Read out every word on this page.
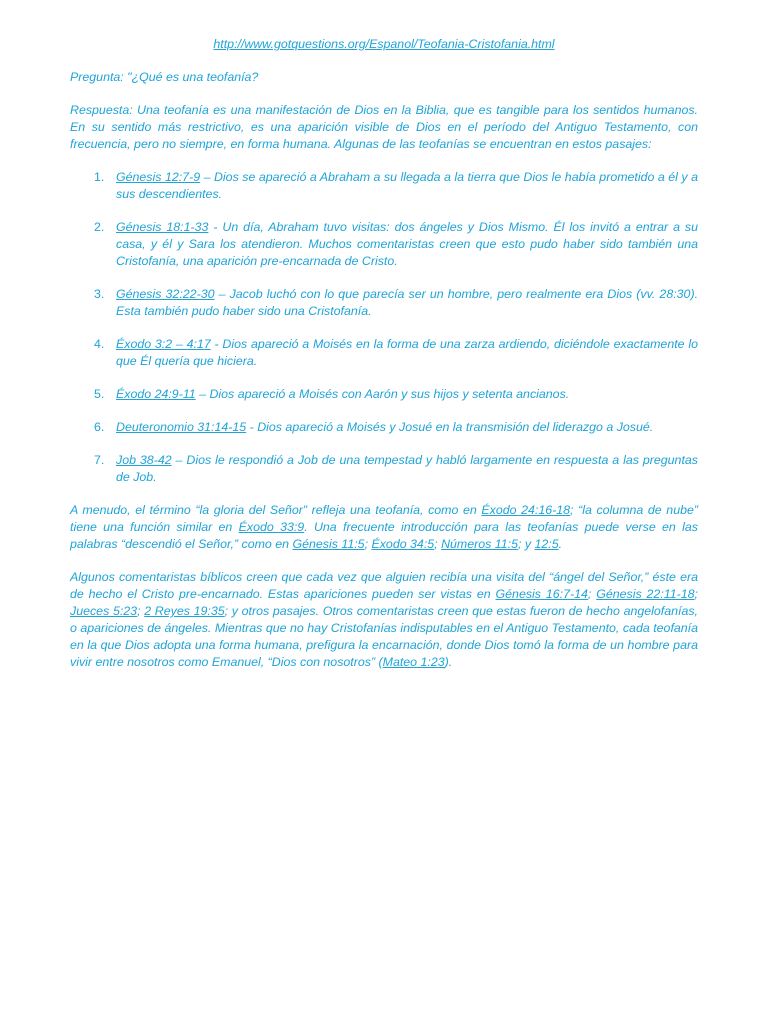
http://www.gotquestions.org/Espanol/Teofania-Cristofania.html
Pregunta: "¿Qué es una teofanía?
Respuesta: Una teofanía es una manifestación de Dios en la Biblia, que es tangible para los sentidos humanos. En su sentido más restrictivo, es una aparición visible de Dios en el período del Antiguo Testamento, con frecuencia, pero no siempre, en forma humana. Algunas de las teofanías se encuentran en estos pasajes:
1. Génesis 12:7-9 – Dios se apareció a Abraham a su llegada a la tierra que Dios le había prometido a él y a sus descendientes.
2. Génesis 18:1-33 - Un día, Abraham tuvo visitas: dos ángeles y Dios Mismo. Él los invitó a entrar a su casa, y él y Sara los atendieron. Muchos comentaristas creen que esto pudo haber sido también una Cristofanía, una aparición pre-encarnada de Cristo.
3. Génesis 32:22-30 – Jacob luchó con lo que parecía ser un hombre, pero realmente era Dios (vv. 28:30). Esta también pudo haber sido una Cristofanía.
4. Éxodo 3:2 – 4:17 - Dios apareció a Moisés en la forma de una zarza ardiendo, diciéndole exactamente lo que Él quería que hiciera.
5. Éxodo 24:9-11 – Dios apareció a Moisés con Aarón y sus hijos y setenta ancianos.
6. Deuteronomio 31:14-15 - Dios apareció a Moisés y Josué en la transmisión del liderazgo a Josué.
7. Job 38-42 – Dios le respondió a Job de una tempestad y habló largamente en respuesta a las preguntas de Job.
A menudo, el término “la gloria del Señor” refleja una teofanía, como en Éxodo 24:16-18; “la columna de nube” tiene una función similar en Éxodo 33:9. Una frecuente introducción para las teofanías puede verse en las palabras “descendió el Señor,” como en Génesis 11:5; Éxodo 34:5; Números 11:5; y 12:5.
Algunos comentaristas bíblicos creen que cada vez que alguien recibía una visita del “ángel del Señor,” éste era de hecho el Cristo pre-encarnado. Estas apariciones pueden ser vistas en Génesis 16:7-14; Génesis 22:11-18; Jueces 5:23; 2 Reyes 19:35; y otros pasajes. Otros comentaristas creen que estas fueron de hecho angelofanías, o apariciones de ángeles. Mientras que no hay Cristofanías indisputables en el Antiguo Testamento, cada teofanía en la que Dios adopta una forma humana, prefigura la encarnación, donde Dios tomó la forma de un hombre para vivir entre nosotros como Emanuel, “Dios con nosotros” (Mateo 1:23).
